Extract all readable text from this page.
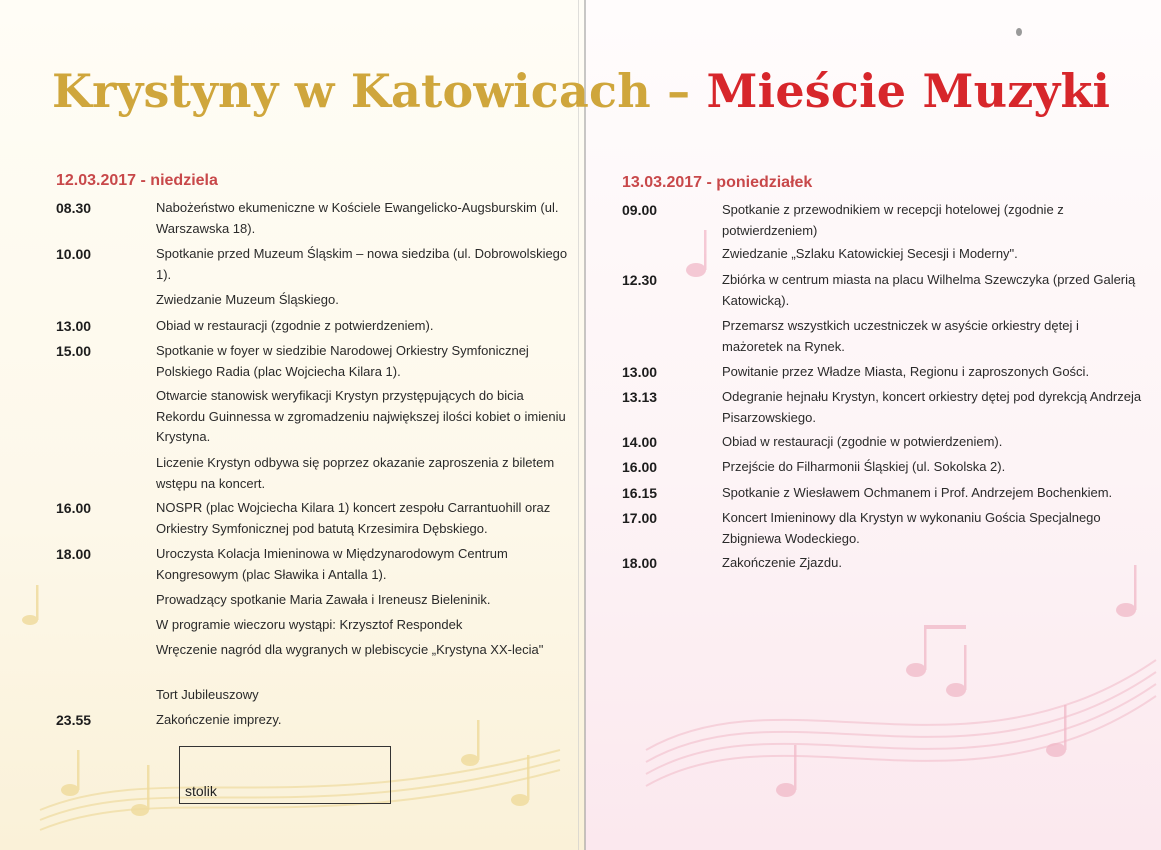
Krystyny w Katowicach – Mieście Muzyki
12.03.2017 - niedziela
08.30	Nabożeństwo ekumeniczne w Kościele Ewangelicko-Augsburskim (ul. Warszawska 18).
10.00	Spotkanie przed Muzeum Śląskim – nowa siedziba (ul. Dobrowolskiego 1).
Zwiedzanie Muzeum Śląskiego.
13.00	Obiad w restauracji (zgodnie z potwierdzeniem).
15.00	Spotkanie w foyer w siedzibie Narodowej Orkiestry Symfonicznej Polskiego Radia (plac Wojciecha Kilara 1).
Otwarcie stanowisk weryfikacji Krystyn przystępujących do bicia Rekordu Guinnessa w zgromadzeniu największej ilości kobiet o imieniu Krystyna.
Liczenie Krystyn odbywa się poprzez okazanie zaproszenia z biletem wstępu na koncert.
16.00	NOSPR (plac Wojciecha Kilara 1) koncert zespołu Carrantuohill oraz Orkiestry Symfonicznej pod batutą Krzesimira Dębskiego.
18.00	Uroczysta Kolacja Imieninowa w Międzynarodowym Centrum Kongresowym (plac Sławika i Antalla 1).
Prowadzący spotkanie Maria Zawała i Ireneusz Bieleninik.
W programie wieczoru wystąpi: Krzysztof Respondek
Wręczenie nagród dla wygranych w plebiscycie „Krystyna XX-lecia"
Tort Jubileuszowy
23.55	Zakończenie imprezy.
stolik
13.03.2017 - poniedziałek
09.00	Spotkanie z przewodnikiem w recepcji hotelowej (zgodnie z potwierdzeniem)
Zwiedzanie „Szlaku Katowickiej Secesji i Moderny".
12.30	Zbiórka w centrum miasta na placu Wilhelma Szewczyka (przed Galerią Katowicką).
Przemarsz wszystkich uczestniczek w asyście orkiestry dętej i mażoretek na Rynek.
13.00	Powitanie przez Władze Miasta, Regionu i zaproszonych Gości.
13.13	Odegranie hejnału Krystyn, koncert orkiestry dętej pod dyrekcją Andrzeja Pisarzowskiego.
14.00	Obiad w restauracji (zgodnie w potwierdzeniem).
16.00	Przejście do Filharmonii Śląskiej (ul. Sokolska 2).
16.15	Spotkanie z Wiesławem Ochmanem i Prof. Andrzejem Bochenkiem.
17.00	Koncert Imieninowy dla Krystyn w wykonaniu Gościa Specjalnego Zbigniewa Wodeckiego.
18.00	Zakończenie Zjazdu.
